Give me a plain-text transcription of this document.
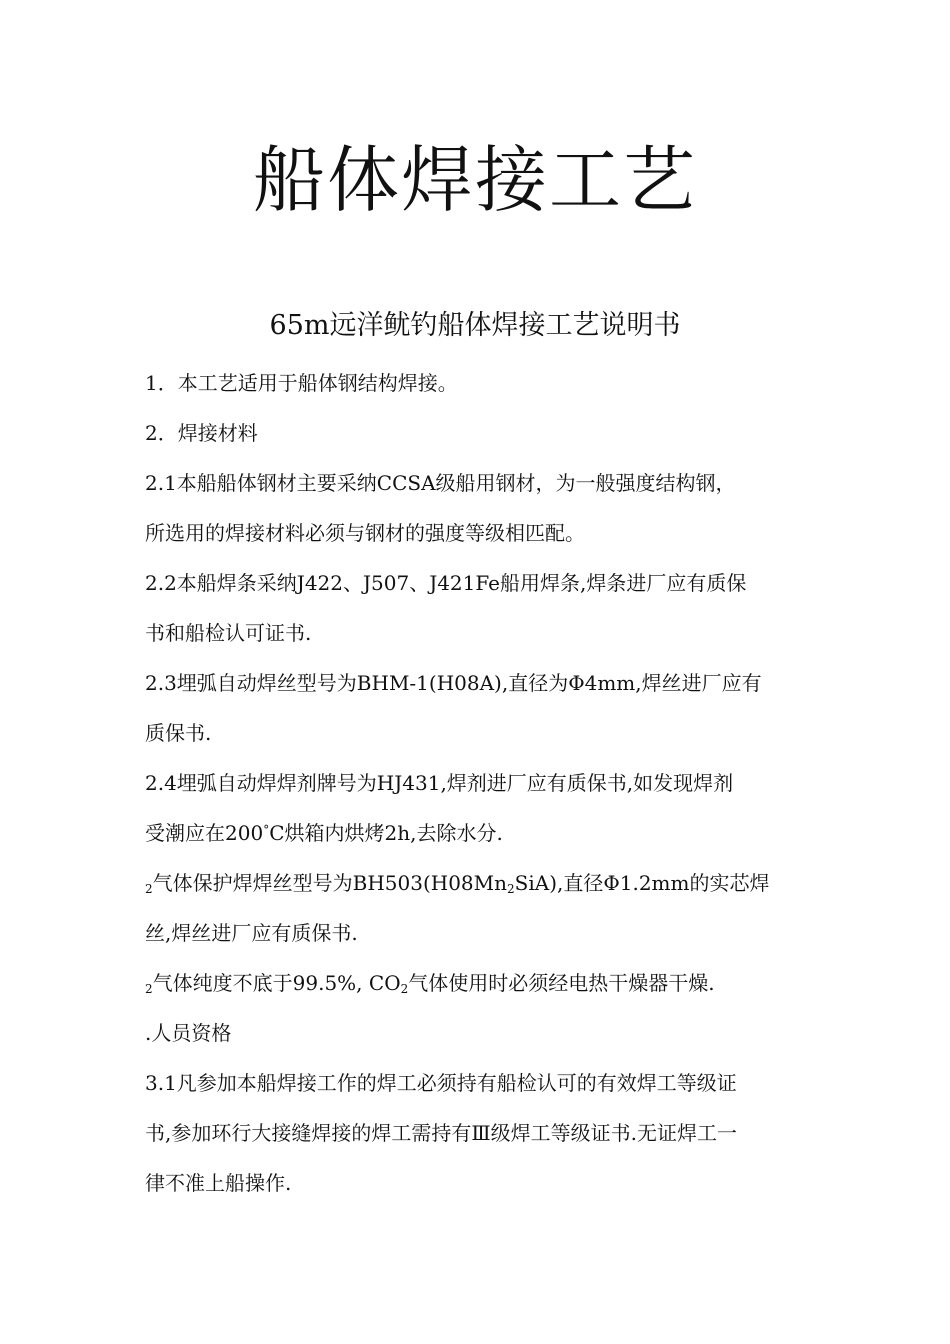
船体焊接工艺
65m远洋鱿钓船体焊接工艺说明书

1．本工艺适用于船体钢结构焊接。

2．焊接材料

2.1本船船体钢材主要采纳CCSA级船用钢材，为一般强度结构钢，

所选用的焊接材料必须与钢材的强度等级相匹配。

2.2本船焊条采纳J422、J507、J421Fe船用焊条,焊条进厂应有质保

书和船检认可证书.

2.3埋弧自动焊丝型号为BHM-1(H08A),直径为Φ4mm,焊丝进厂应有

质保书.

2.4埋弧自动焊焊剂牌号为HJ431,焊剂进厂应有质保书,如发现焊剂

受潮应在200°C烘箱内烘烤2h,去除水分.

$_2$气体保护焊焊丝型号为$BH503(H08Mn_2SiA)$,直径Φ1.2mm的实芯焊

丝,焊丝进厂应有质保书.

$_2$气体纯度不底于99.5%, $CO_2$气体使用时必须经电热干燥器干燥.

.人员资格

3.1凡参加本船焊接工作的焊工必须持有船检认可的有效焊工等级证

书,参加环行大接缝焊接的焊工需持有Ⅲ级焊工等级证书.无证焊工一

律不准上船操作.
